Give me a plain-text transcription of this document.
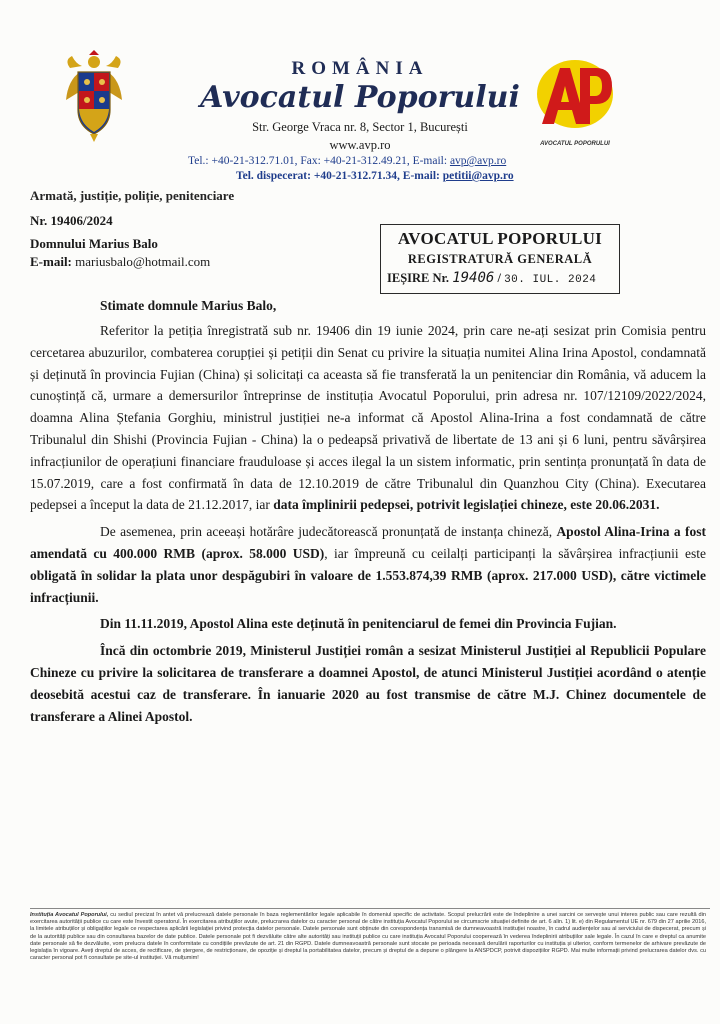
ROMÂNIA
Avocatul Poporului
Str. George Vraca nr. 8, Sector 1, București
www.avp.ro	AVOCATUL POPORULUI
Tel.: +40-21-312.71.01, Fax: +40-21-312.49.21, E-mail: avp@avp.ro
Tel. dispecerat: +40-21-312.71.34, E-mail: petitii@avp.ro
Armată, justiție, poliție, penitenciare
Nr. 19406/2024
Domnului Marius Balo
E-mail: mariusbalo@hotmail.com
AVOCATUL POPORULUI
REGISTRATURĂ GENERALĂ
IEȘIRE Nr. 19406 / 30. IUL. 2024
Stimate domnule Marius Balo,

Referitor la petiția înregistrată sub nr. 19406 din 19 iunie 2024, prin care ne-ați sesizat prin Comisia pentru cercetarea abuzurilor, combaterea corupției și petiții din Senat cu privire la situația numitei Alina Irina Apostol, condamnată și deținută în provincia Fujian (China) și solicitați ca aceasta să fie transferată la un penitenciar din România, vă aducem la cunoștință că, urmare a demersurilor întreprinse de instituția Avocatul Poporului, prin adresa nr. 107/12109/2022/2024, doamna Alina Ștefania Gorghiu, ministrul justiției ne-a informat că Apostol Alina-Irina a fost condamnată de către Tribunalul din Shishi (Provincia Fujian - China) la o pedeapsă privativă de libertate de 13 ani și 6 luni, pentru săvârșirea infracțiunilor de operațiuni financiare frauduloase și acces ilegal la un sistem informatic, prin sentința pronunțată în data de 15.07.2019, care a fost confirmată în data de 12.10.2019 de către Tribunalul din Quanzhou City (China). Executarea pedepsei a început la data de 21.12.2017, iar data împlinirii pedepsei, potrivit legislației chineze, este 20.06.2031.

De asemenea, prin aceeași hotărâre judecătorească pronunțată de instanța chineză, Apostol Alina-Irina a fost amendată cu 400.000 RMB (aprox. 58.000 USD), iar împreună cu ceilalți participanți la săvârșirea infracțiunii este obligată în solidar la plata unor despăgubiri în valoare de 1.553.874,39 RMB (aprox. 217.000 USD), către victimele infracțiunii.

Din 11.11.2019, Apostol Alina este deținută în penitenciarul de femei din Provincia Fujian.

Încă din octombrie 2019, Ministerul Justiției român a sesizat Ministerul Justiției al Republicii Populare Chineze cu privire la solicitarea de transferare a doamnei Apostol, de atunci Ministerul Justiției acordând o atenție deosebită acestui caz de transferare. În ianuarie 2020 au fost transmise de către M.J. Chinez documentele de transferare a Alinei Apostol.

Instituția Avocatul Poporului, cu sediul precizat în antet vă prelucrează datele personale în baza reglementărilor legale aplicabile în domeniul specific de activitate. Scopul prelucrării este de îndeplinire a unei sarcini ce servește unui interes public sau care rezultă din exercitarea autorității publice cu care este învestit operatorul. În exercitarea atribuțiilor avute, prelucrarea datelor cu caracter personal de către instituția Avocatul Poporului se circumscrie situației definite de art. 6 alin. 1) lit. e) din Regulamentul UE nr. 679 din 27 aprilie 2016, la limitele atribuțiilor și obligațiilor legale ce respectarea aplicării legislației privind protecția datelor personale. Datele personale sunt obținute din corespondența transmisă de dumneavoastră instituției noastre, în cadrul audiențelor sau al serviciului de dispecerat, precum și de la autorități publice sau din consultarea bazelor de date publice. Datele personale pot fi dezvăluite către alte autorități sau instituții publice cu care instituția Avocatul Poporului cooperează în vederea îndeplinirii atribuțiilor sale legale. În cazul în care e dreptul ca anumite date personale să fie dezvăluite, vom prelucra datele în conformitate cu condițiile prevăzute de art. 21 din RGPD. Datele dumneavoastră personale sunt stocate pe perioada necesară derulării raporturilor cu instituția și ulterior, conform termenelor de arhivare prevăzute de legislația în vigoare. Aveți dreptul de acces, de rectificare, de ștergere, de restricționare, de opoziție și dreptul la portabilitatea datelor, precum și dreptul de a depune o plângere la ANSPDCP, potrivit dispozițiilor RGPD. Mai multe informații privind prelucrarea datelor dvs. cu caracter personal pot fi consultate pe site-ul instituției. Vă mulțumim!
